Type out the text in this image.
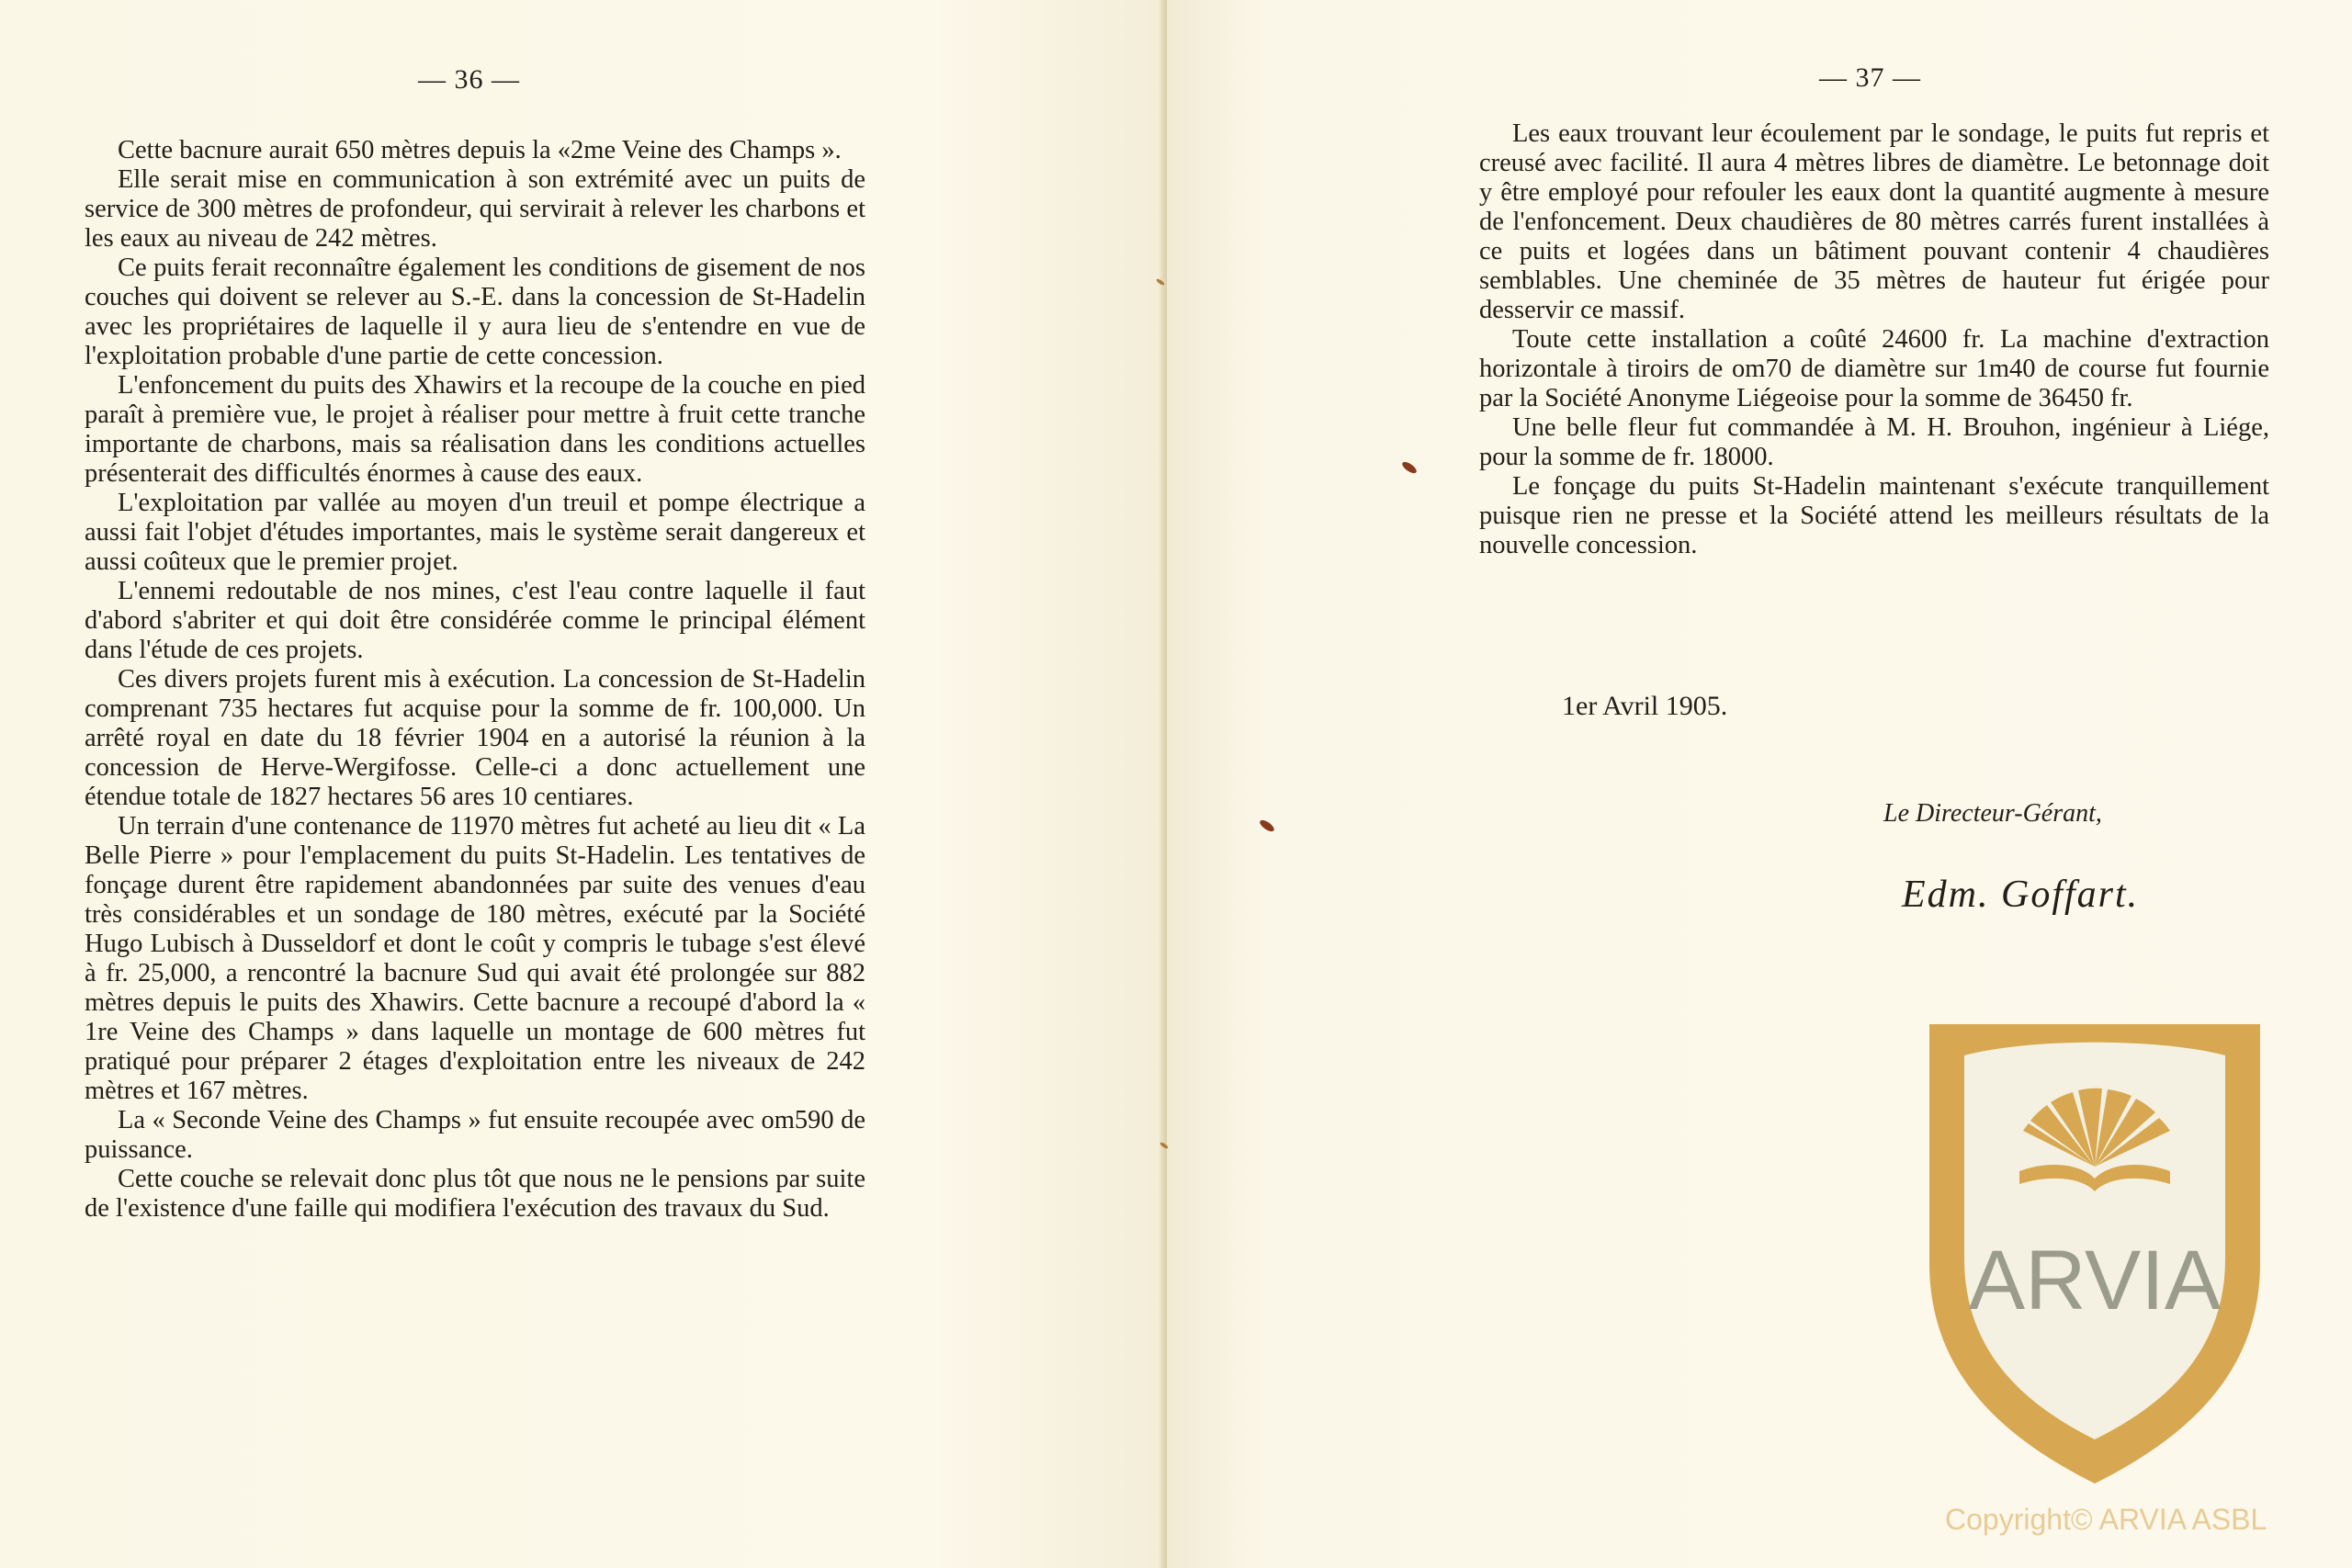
— 36 —

Cette bacnure aurait 650 mètres depuis la «2me Veine des Champs ».

Elle serait mise en communication à son extrémité avec un puits de service de 300 mètres de profondeur, qui servirait à relever les charbons et les eaux au niveau de 242 mètres.

Ce puits ferait reconnaître également les conditions de gisement de nos couches qui doivent se relever au S.-E. dans la concession de St-Hadelin avec les propriétaires de laquelle il y aura lieu de s'entendre en vue de l'exploitation probable d'une partie de cette concession.

L'enfoncement du puits des Xhawirs et la recoupe de la couche en pied paraît à première vue, le projet à réaliser pour mettre à fruit cette tranche importante de charbons, mais sa réalisation dans les conditions actuelles présenterait des difficultés énormes à cause des eaux.

L'exploitation par vallée au moyen d'un treuil et pompe électrique a aussi fait l'objet d'études importantes, mais le système serait dangereux et aussi coûteux que le premier projet.

L'ennemi redoutable de nos mines, c'est l'eau contre laquelle il faut d'abord s'abriter et qui doit être considérée comme le principal élément dans l'étude de ces projets.

Ces divers projets furent mis à exécution. La concession de St-Hadelin comprenant 735 hectares fut acquise pour la somme de fr. 100,000. Un arrêté royal en date du 18 février 1904 en a autorisé la réunion à la concession de Herve-Wergifosse. Celle-ci a donc actuellement une étendue totale de 1827 hectares 56 ares 10 centiares.

Un terrain d'une contenance de 11970 mètres fut acheté au lieu dit « La Belle Pierre » pour l'emplacement du puits St-Hadelin. Les tentatives de fonçage durent être rapidement abandonnées par suite des venues d'eau très considérables et un sondage de 180 mètres, exécuté par la Société Hugo Lubisch à Dusseldorf et dont le coût y compris le tubage s'est élevé à fr. 25,000, a rencontré la bacnure Sud qui avait été prolongée sur 882 mètres depuis le puits des Xhawirs. Cette bacnure a recoupé d'abord la « 1re Veine des Champs » dans laquelle un montage de 600 mètres fut pratiqué pour préparer 2 étages d'exploitation entre les niveaux de 242 mètres et 167 mètres.

La « Seconde Veine des Champs » fut ensuite recoupée avec om590 de puissance.

Cette couche se relevait donc plus tôt que nous ne le pensions par suite de l'existence d'une faille qui modifiera l'exécution des travaux du Sud.

— 37 —

Les eaux trouvant leur écoulement par le sondage, le puits fut repris et creusé avec facilité. Il aura 4 mètres libres de diamètre. Le betonnage doit y être employé pour refouler les eaux dont la quantité augmente à mesure de l'enfoncement. Deux chaudières de 80 mètres carrés furent installées à ce puits et logées dans un bâtiment pouvant contenir 4 chaudières semblables. Une cheminée de 35 mètres de hauteur fut érigée pour desservir ce massif.

Toute cette installation a coûté 24600 fr. La machine d'extraction horizontale à tiroirs de om70 de diamètre sur 1m40 de course fut fournie par la Société Anonyme Liégeoise pour la somme de 36450 fr.

Une belle fleur fut commandée à M. H. Brouhon, ingénieur à Liége, pour la somme de fr. 18000.

Le fonçage du puits St-Hadelin maintenant s'exécute tranquillement puisque rien ne presse et la Société attend les meilleurs résultats de la nouvelle concession.

1er Avril 1905.
Le Directeur-Gérant,
Edm. Goffart.
ARVIA
Copyright© ARVIA ASBL
